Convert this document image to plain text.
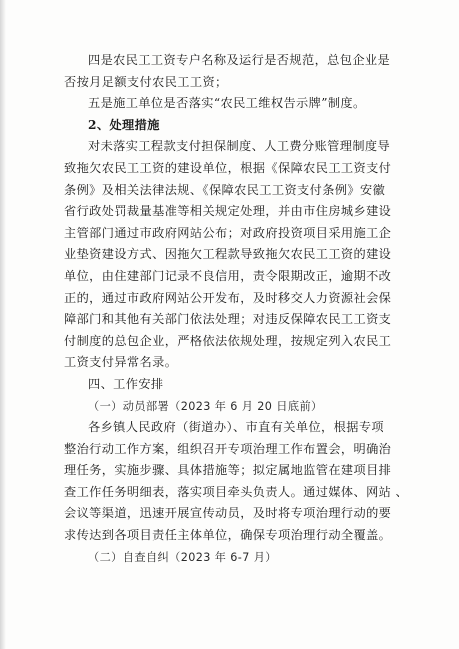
四是农民工工资专户名称及运行是否规范，总包企业是
否按月足额支付农民工工资；
五是施工单位是否落实“农民工维权告示牌”制度。
2、处理措施
对未落实工程款支付担保制度、人工费分账管理制度导
致拖欠农民工工资的建设单位，根据《保障农民工工资支付
条例》及相关法律法规、《保障农民工工资支付条例》安徽
省行政处罚裁量基准等相关规定处理，并由市住房城乡建设
主管部门通过市政府网站公布；对政府投资项目采用施工企
业垫资建设方式、因拖欠工程款导致拖欠农民工工资的建设
单位，由住建部门记录不良信用，责令限期改正，逾期不改
正的，通过市政府网站公开发布，及时移交人力资源社会保
障部门和其他有关部门依法处理；对违反保障农民工工资支
付制度的总包企业，严格依法依规处理，按规定列入农民工
工资支付异常名录。
四、工作安排
（一）动员部署（2023 年 6 月 20 日底前）
各乡镇人民政府（街道办）、市直有关单位，根据专项
整治行动工作方案，组织召开专项治理工作布置会，明确治
理任务，实施步骤、具体措施等；拟定属地监管在建项目排
查工作任务明细表，落实项目牵头负责人。通过媒体、网站 、
会议等渠道，迅速开展宣传动员，及时将专项治理行动的要
求传达到各项目责任主体单位，确保专项治理行动全覆盖。
（二）自查自纠（2023 年 6-7 月）
